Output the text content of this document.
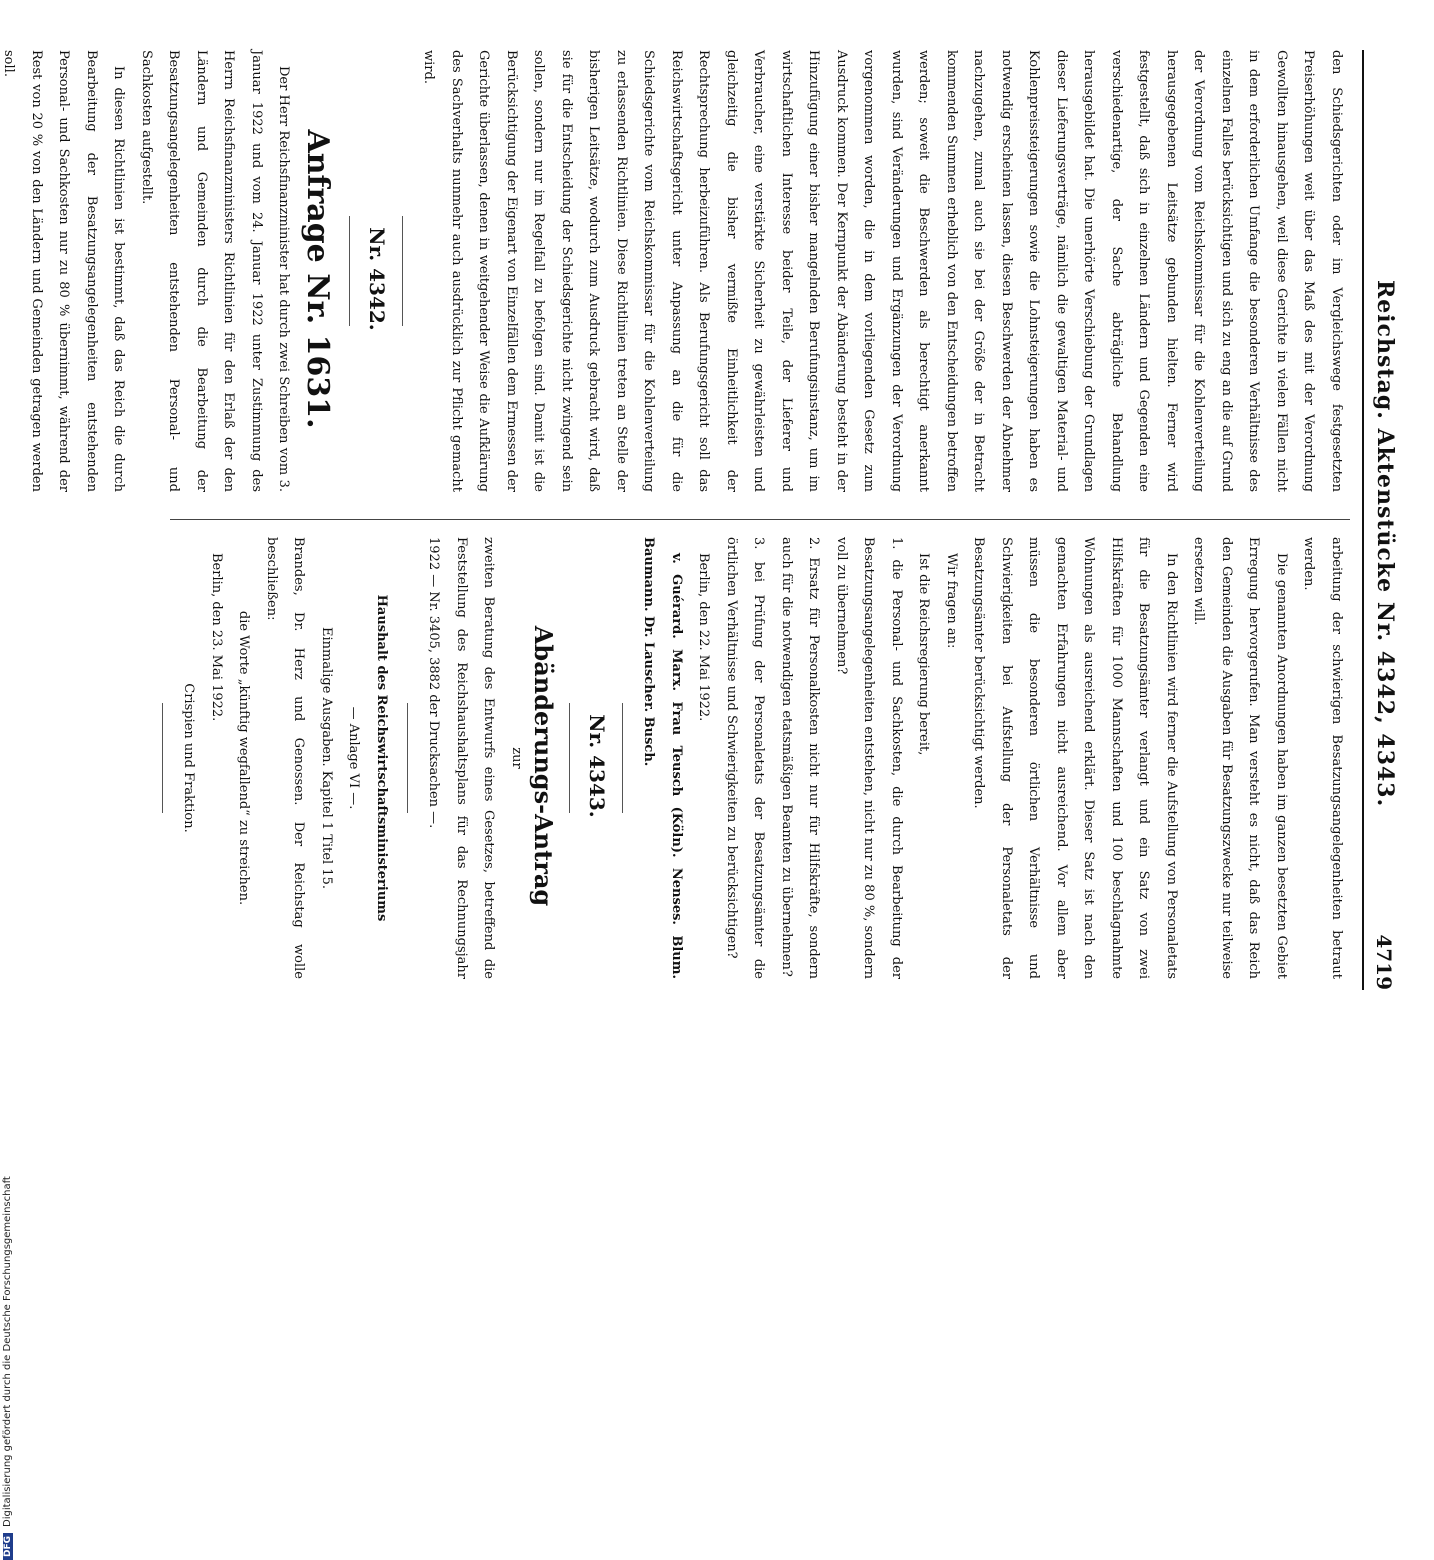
Reichstag. Aktenstücke Nr. 4342, 4343.
4719

den Schiedsgerichten oder im Vergleichswege festgesetzten Preiserhöhungen weit über das Maß des mit der Verordnung Gewollten hinausgehen, weil diese Gerichte in vielen Fällen nicht in dem erforderlichen Umfange die besonderen Verhältnisse des einzelnen Falles berücksichtigen und sich zu eng an die auf Grund der Verordnung vom Reichskommissar für die Kohlenverteilung herausgegebenen Leitsätze gebunden hielten. Ferner wird festgestellt, daß sich in einzelnen Ländern und Gegenden eine verschiedenartige, der Sache abträgliche Behandlung herausgebildet hat. Die unerhörte Verschiebung der Grundlagen dieser Lieferungsverträge, nämlich die gewaltigen Material- und Kohlenpreissteigerungen sowie die Lohnsteigerungen haben es notwendig erscheinen lassen, diesen Beschwerden der Abnehmer nachzugehen, zumal auch sie bei der Größe der in Betracht kommenden Summen erheblich von den Entscheidungen betroffen werden; soweit die Beschwerden als berechtigt anerkannt wurden, sind Veränderungen und Ergänzungen der Verordnung vorgenommen worden, die in dem vorliegenden Gesetz zum Ausdruck kommen. Der Kernpunkt der Abänderung besteht in der Hinzufügung einer bisher mangelnden Berufungsinstanz, um im wirtschaftlichen Interesse beider Teile, der Lieferer und Verbraucher, eine verstärkte Sicherheit zu gewährleisten und gleichzeitig die bisher vermißte Einheitlichkeit der Rechtsprechung herbeizuführen. Als Berufungsgericht soll das Reichswirtschaftsgericht unter Anpassung an die für die Schiedsgerichte vom Reichskommissar für die Kohlenverteilung zu erlassenden Richtlinien. Diese Richtlinien treten an Stelle der bisherigen Leitsätze, wodurch zum Ausdruck gebracht wird, daß sie für die Entscheidung der Schiedsgerichte nicht zwingend sein sollen, sondern nur im Regelfall zu befolgen sind. Damit ist die Berücksichtigung der Eigenart von Einzelfällen dem Ermessen der Gerichte überlassen, denen in weitgehender Weise die Aufklärung des Sachverhalts nunmehr auch ausdrücklich zur Pflicht gemacht wird.

Nr. 4342.

Anfrage Nr. 1631.

Der Herr Reichsfinanzminister hat durch zwei Schreiben vom 3. Januar 1922 und vom 24. Januar 1922 unter Zustimmung des Herrn Reichsfinanzministers Richtlinien für den Erlaß der den Ländern und Gemeinden durch die Bearbeitung der Besatzungsangelegenheiten entstehenden Personal- und Sachkosten aufgestellt.

In diesen Richtlinien ist bestimmt, daß das Reich die durch Bearbeitung der Besatzungsangelegenheiten entstehenden Personal- und Sachkosten nur zu 80 % übernimmt, während der Rest von 20 % von den Ländern und Gemeinden getragen werden soll.

arbeitung der schwierigen Besatzungsangelegenheiten betraut werden.

Die genannten Anordnungen haben im ganzen besetzten Gebiet Erregung hervorgerufen. Man versteht es nicht, daß das Reich den Gemeinden die Ausgaben für Besatzungszwecke nur teilweise ersetzen will.

In den Richtlinien wird ferner die Aufstellung von Personaletats für die Besatzungsämter verlangt und ein Satz von zwei Hilfskräften für 1000 Mannschaften und 100 beschlagnahmte Wohnungen als ausreichend erklärt. Dieser Satz ist nach den gemachten Erfahrungen nicht ausreichend. Vor allem aber müssen die besonderen örtlichen Verhältnisse und Schwierigkeiten bei Aufstellung der Personaletats der Besatzungsämter berücksichtigt werden.

Wir fragen an:

Ist die Reichsregierung bereit,

1. die Personal- und Sachkosten, die durch Bearbeitung der Besatzungsangelegenheiten entstehen, nicht nur zu 80 %, sondern voll zu übernehmen?

2. Ersatz für Personalkosten nicht nur für Hilfskräfte, sondern auch für die notwendigen etatsmäßigen Beamten zu übernehmen?

3. bei Prüfung der Personaletats der Besatzungsämter die örtlichen Verhältnisse und Schwierigkeiten zu berücksichtigen?

Berlin, den 22. Mai 1922.

v. Guérard. Marx. Frau Teusch (Köln). Nenses. Blum. Baumann. Dr. Lauscher. Busch.

Nr. 4343.

Abänderungs-Antrag

zur

zweiten Beratung des Entwurfs eines Gesetzes, betreffend die Feststellung des Reichshaushaltsplans für das Rechnungsjahr 1922 — Nr. 3405, 3882 der Drucksachen —.

Haushalt des Reichswirtschaftsministeriums

— Anlage VI —.

Einmalige Ausgaben. Kapitel 1 Titel 15.

Brandes, Dr. Herz und Genossen. Der Reichstag wolle beschließen:

die Worte „künftig wegfallend“ zu streichen.

Berlin, den 23. Mai 1922.

Crispien und Fraktion.

DFGDigitalisierung gefördert durch die Deutsche Forschungsgemeinschaft
